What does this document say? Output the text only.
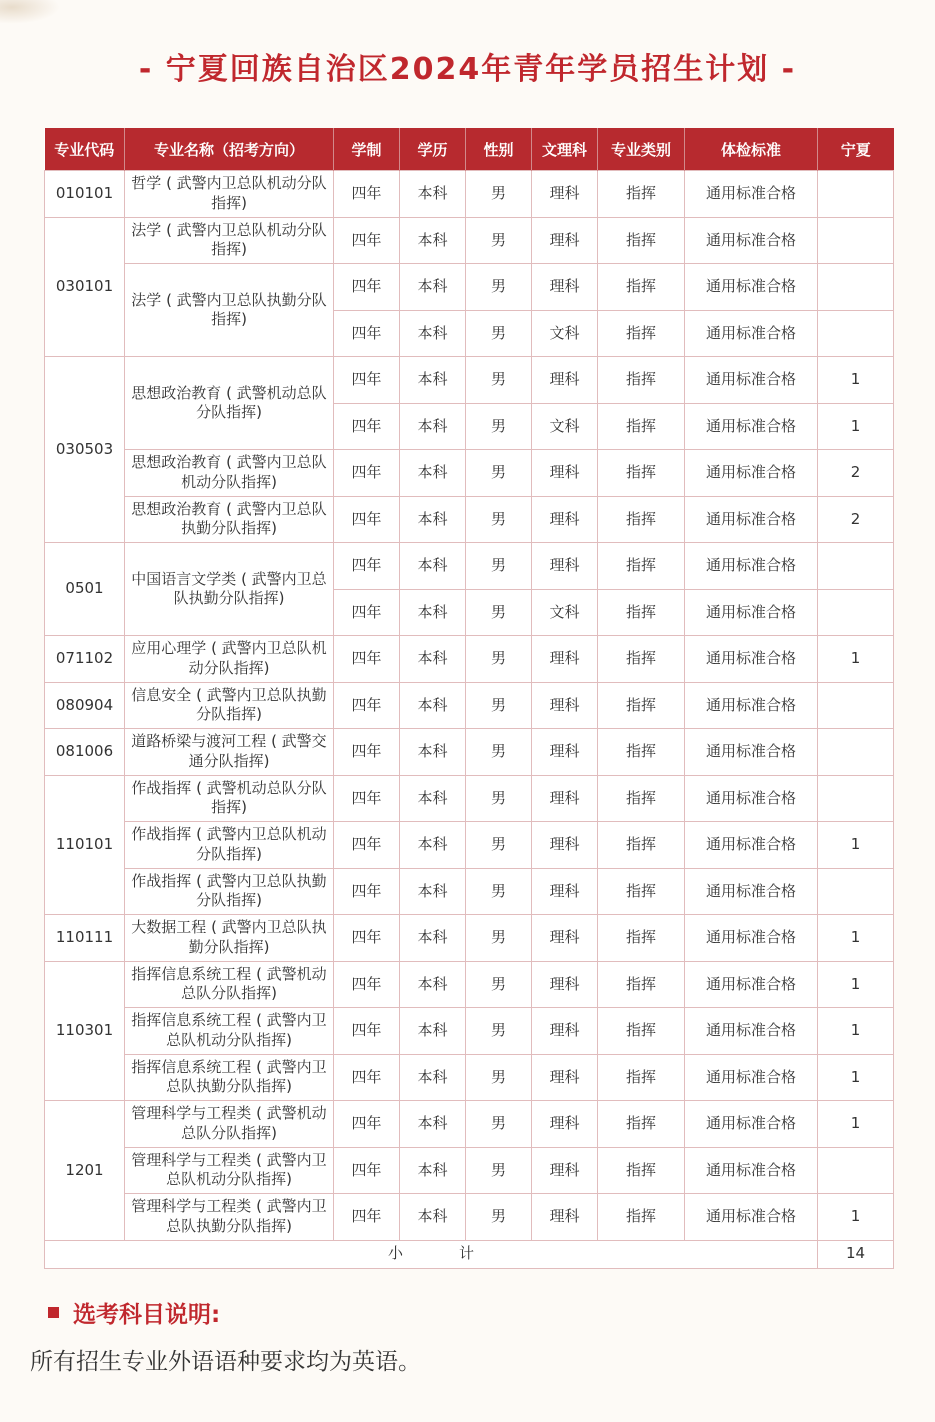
- 宁夏回族自治区2024年青年学员招生计划 -
专业代码	专业名称（招考方向）	学制	学历	性别	文理科	专业类别	体检标准	宁夏
010101	哲学 ( 武警内卫总队机动分队指挥)	四年	本科	男	理科	指挥	通用标准合格	
030101	法学 ( 武警内卫总队机动分队指挥)	四年	本科	男	理科	指挥	通用标准合格	
	法学 ( 武警内卫总队执勤分队指挥)	四年	本科	男	理科	指挥	通用标准合格	
		四年	本科	男	文科	指挥	通用标准合格	
030503	思想政治教育 ( 武警机动总队分队指挥)	四年	本科	男	理科	指挥	通用标准合格	1
		四年	本科	男	文科	指挥	通用标准合格	1
	思想政治教育 ( 武警内卫总队机动分队指挥)	四年	本科	男	理科	指挥	通用标准合格	2
	思想政治教育 ( 武警内卫总队执勤分队指挥)	四年	本科	男	理科	指挥	通用标准合格	2
0501	中国语言文学类 ( 武警内卫总队执勤分队指挥)	四年	本科	男	理科	指挥	通用标准合格	
		四年	本科	男	文科	指挥	通用标准合格	
071102	应用心理学 ( 武警内卫总队机动分队指挥)	四年	本科	男	理科	指挥	通用标准合格	1
080904	信息安全 ( 武警内卫总队执勤分队指挥)	四年	本科	男	理科	指挥	通用标准合格	
081006	道路桥梁与渡河工程 ( 武警交通分队指挥)	四年	本科	男	理科	指挥	通用标准合格	
110101	作战指挥 ( 武警机动总队分队指挥)	四年	本科	男	理科	指挥	通用标准合格	
	作战指挥 ( 武警内卫总队机动分队指挥)	四年	本科	男	理科	指挥	通用标准合格	1
	作战指挥 ( 武警内卫总队执勤分队指挥)	四年	本科	男	理科	指挥	通用标准合格	
110111	大数据工程 ( 武警内卫总队执勤分队指挥)	四年	本科	男	理科	指挥	通用标准合格	1
110301	指挥信息系统工程 ( 武警机动总队分队指挥)	四年	本科	男	理科	指挥	通用标准合格	1
	指挥信息系统工程 ( 武警内卫总队机动分队指挥)	四年	本科	男	理科	指挥	通用标准合格	1
	指挥信息系统工程 ( 武警内卫总队执勤分队指挥)	四年	本科	男	理科	指挥	通用标准合格	1
1201	管理科学与工程类 ( 武警机动总队分队指挥)	四年	本科	男	理科	指挥	通用标准合格	1
	管理科学与工程类 ( 武警内卫总队机动分队指挥)	四年	本科	男	理科	指挥	通用标准合格	
	管理科学与工程类 ( 武警内卫总队执勤分队指挥)	四年	本科	男	理科	指挥	通用标准合格	1
小计								14
选考科目说明:
所有招生专业外语语种要求均为英语。
